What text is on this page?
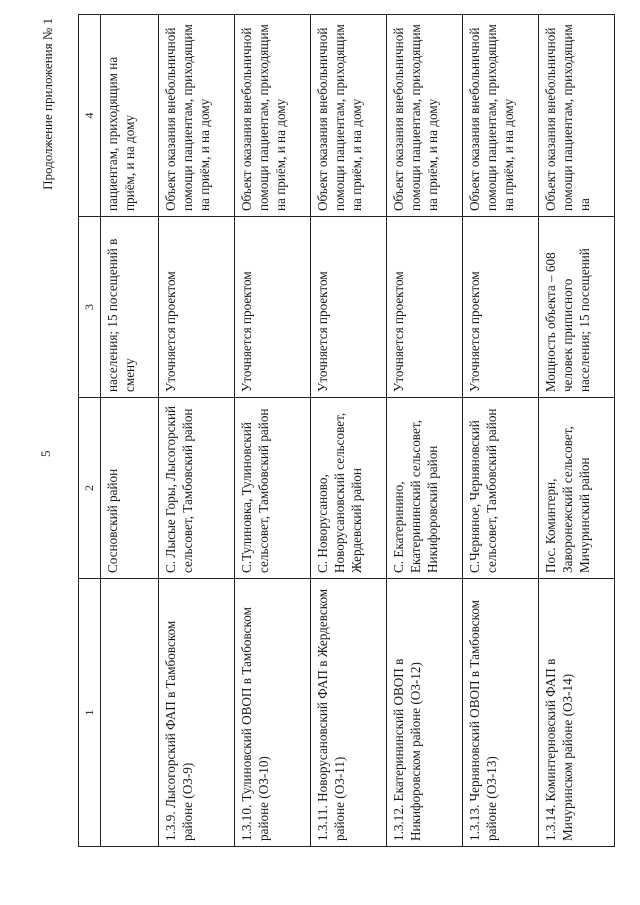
Продолжение приложения № 1
5
1	2	3	4
	Сосновский район	населения; 15 посещений в смену	пациентам, приходящим на приём, и на дому
1.3.9. Лысогорский ФАП в Тамбовском районе (ОЗ-9)	С. Лысые Горы, Лысогорский сельсовет, Тамбовский район	Уточняется проектом	Объект оказания внебольничной помощи пациентам, приходящим на приём, и на дому
1.3.10. Тулиновский ОВОП в Тамбовском районе (ОЗ-10)	С.Тулиновка, Тулиновский сельсовет, Тамбовский район	Уточняется проектом	Объект оказания внебольничной помощи пациентам, приходящим на приём, и на дому
1.3.11. Новорусановский ФАП в Жердевском районе (ОЗ-11)	С. Новорусаново, Новорусановский сельсовет, Жердевский район	Уточняется проектом	Объект оказания внебольничной помощи пациентам, приходящим на приём, и на дому
1.3.12. Екатерининский ОВОП в Никифоровском районе (ОЗ-12)	С. Екатеринино, Екатерининский сельсовет, Никифоровский район	Уточняется проектом	Объект оказания внебольничной помощи пациентам, приходящим на приём, и на дому
1.3.13. Черняновский ОВОП в Тамбовском районе (ОЗ-13)	С.Черняное, Черняновский сельсовет, Тамбовский район	Уточняется проектом	Объект оказания внебольничной помощи пациентам, приходящим на приём, и на дому
1.3.14. Коминтерновский ФАП в Мичуринском районе (ОЗ-14)	Пос. Коминтерн, Заворонежский сельсовет, Мичуринский район	Мощность объекта – 608 человек приписного населения; 15 посещений	Объект оказания внебольничной помощи пациентам, приходящим на
